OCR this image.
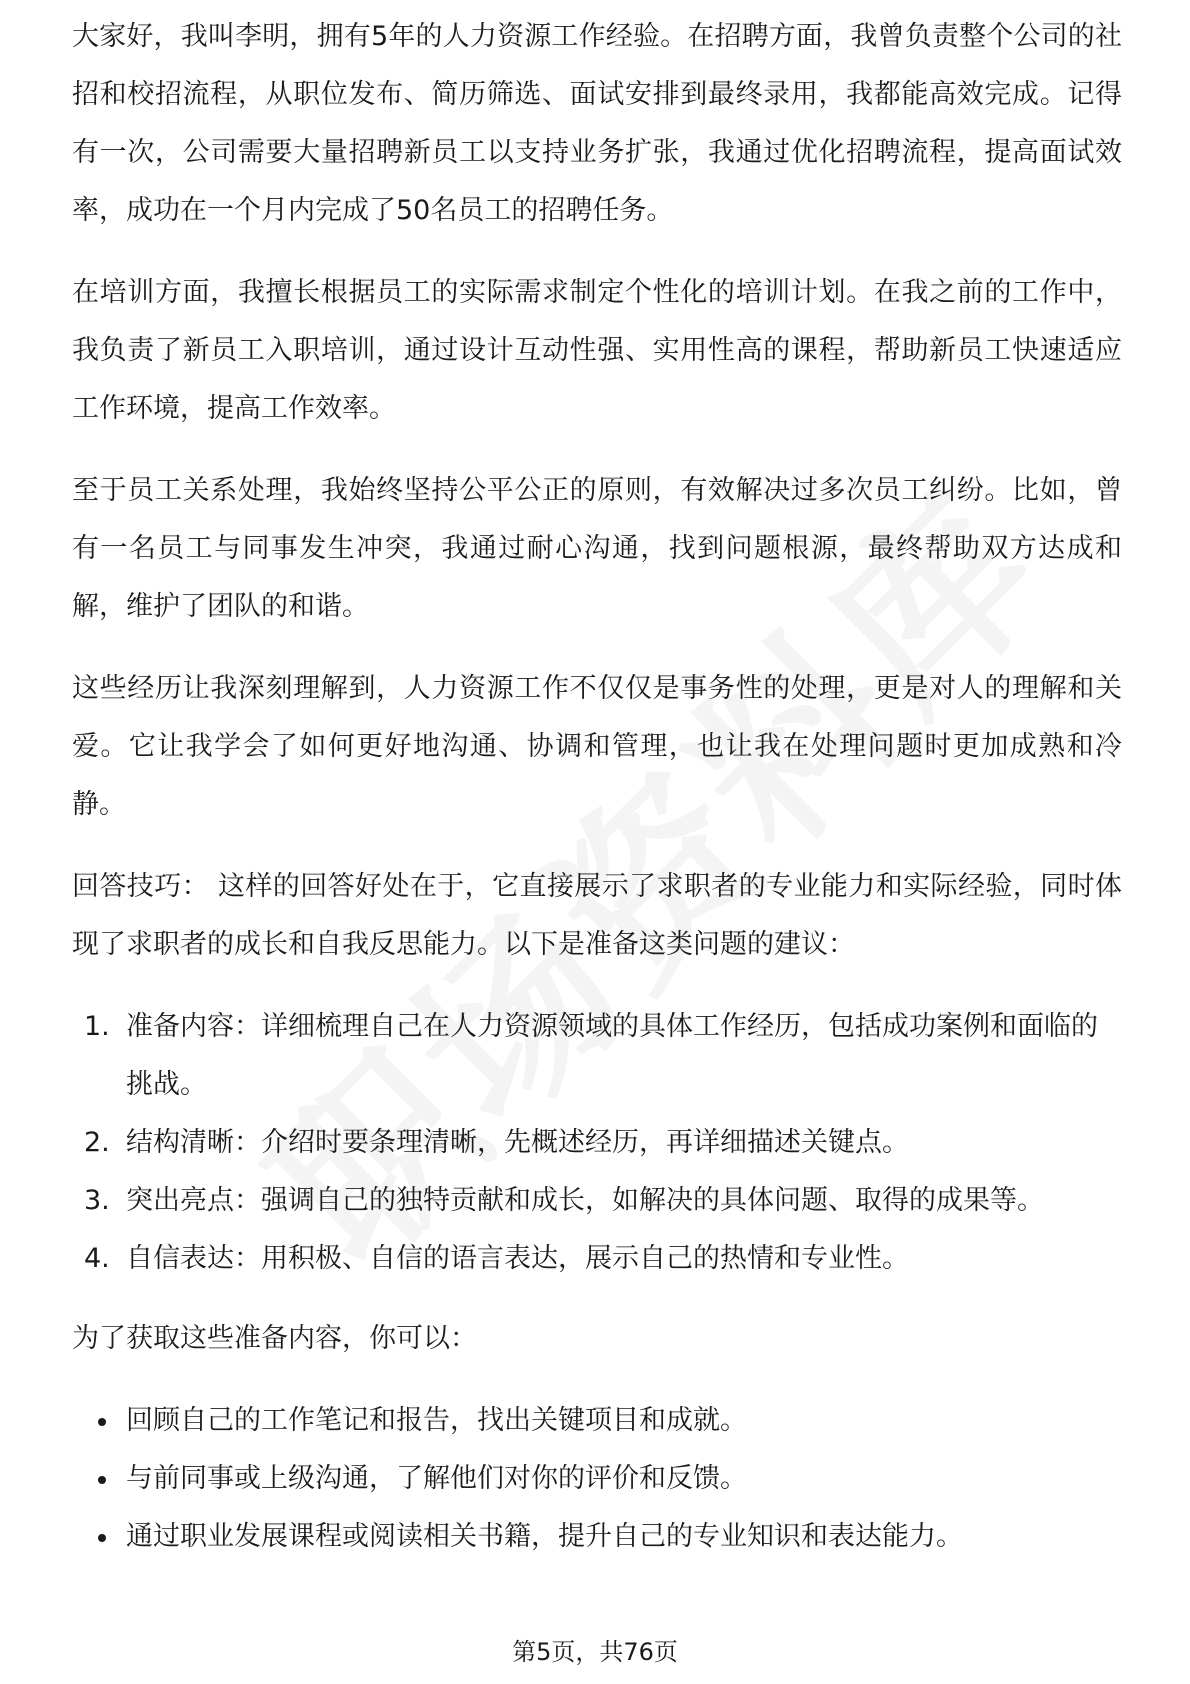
大家好，我叫李明，拥有5年的人力资源工作经验。在招聘方面，我曾负责整个公司的社招和校招流程，从职位发布、简历筛选、面试安排到最终录用，我都能高效完成。记得有一次，公司需要大量招聘新员工以支持业务扩张，我通过优化招聘流程，提高面试效率，成功在一个月内完成了50名员工的招聘任务。

在培训方面，我擅长根据员工的实际需求制定个性化的培训计划。在我之前的工作中，我负责了新员工入职培训，通过设计互动性强、实用性高的课程，帮助新员工快速适应工作环境，提高工作效率。

至于员工关系处理，我始终坚持公平公正的原则，有效解决过多次员工纠纷。比如，曾有一名员工与同事发生冲突，我通过耐心沟通，找到问题根源，最终帮助双方达成和解，维护了团队的和谐。

这些经历让我深刻理解到，人力资源工作不仅仅是事务性的处理，更是对人的理解和关爱。它让我学会了如何更好地沟通、协调和管理，也让我在处理问题时更加成熟和冷静。

回答技巧： 这样的回答好处在于，它直接展示了求职者的专业能力和实际经验，同时体现了求职者的成长和自我反思能力。以下是准备这类问题的建议：

1. 准备内容：详细梳理自己在人力资源领域的具体工作经历，包括成功案例和面临的挑战。
2. 结构清晰：介绍时要条理清晰，先概述经历，再详细描述关键点。
3. 突出亮点：强调自己的独特贡献和成长，如解决的具体问题、取得的成果等。
4. 自信表达：用积极、自信的语言表达，展示自己的热情和专业性。

为了获取这些准备内容，你可以：

回顾自己的工作笔记和报告，找出关键项目和成就。
与前同事或上级沟通，了解他们对你的评价和反馈。
通过职业发展课程或阅读相关书籍，提升自己的专业知识和表达能力。
第5页，共76页
